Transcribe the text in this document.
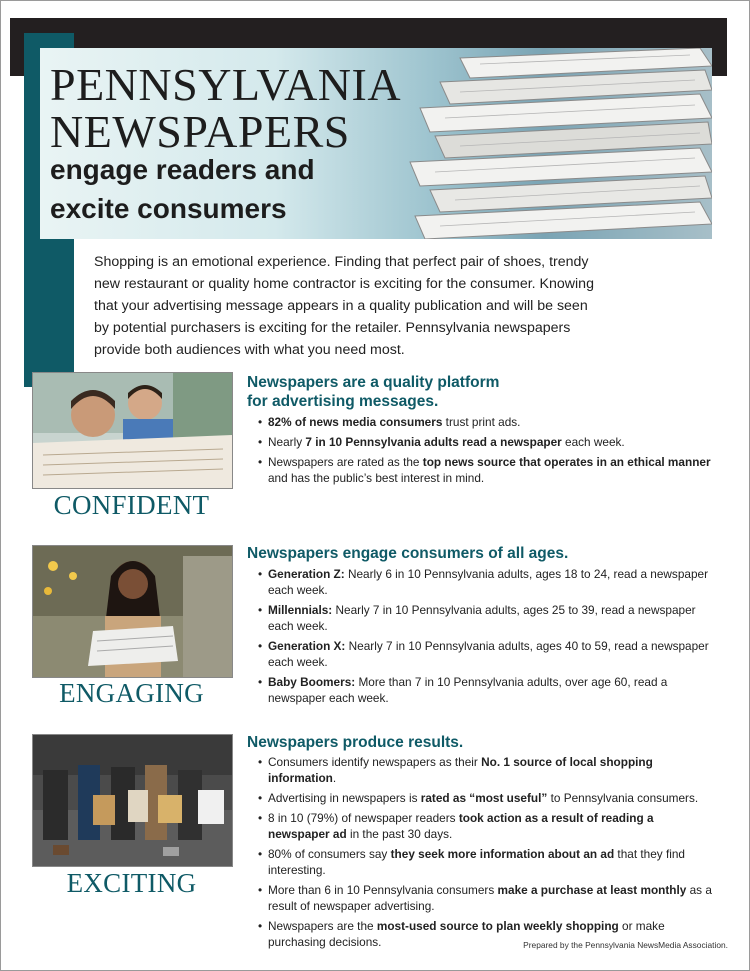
PENNSYLVANIA
NEWSPAPERS
engage readers and
excite consumers

Shopping is an emotional experience. Finding that perfect pair of shoes, trendy new restaurant or quality home contractor is exciting for the consumer. Knowing that your advertising message appears in a quality publication and will be seen by potential purchasers is exciting for the retailer. Pennsylvania newspapers provide both audiences with what you need most.

CONFIDENT
Newspapers are a quality platform
for advertising messages.
• 82% of news media consumers trust print ads.
• Nearly 7 in 10 Pennsylvania adults read a newspaper each week.
• Newspapers are rated as the top news source that operates in an ethical manner and has the public’s best interest in mind.
ENGAGING
Newspapers engage consumers of all ages.
• Generation Z: Nearly 6 in 10 Pennsylvania adults, ages 18 to 24, read a newspaper each week.
• Millennials: Nearly 7 in 10 Pennsylvania adults, ages 25 to 39, read a newspaper each week.
• Generation X: Nearly 7 in 10 Pennsylvania adults, ages 40 to 59, read a newspaper each week.
• Baby Boomers: More than 7 in 10 Pennsylvania adults, over age 60, read a newspaper each week.
EXCITING
Newspapers produce results.
• Consumers identify newspapers as their No. 1 source of local shopping information.
• Advertising in newspapers is rated as “most useful” to Pennsylvania consumers.
• 8 in 10 (79%) of newspaper readers took action as a result of reading a newspaper ad in the past 30 days.
• 80% of consumers say they seek more information about an ad that they find interesting.
• More than 6 in 10 Pennsylvania consumers make a purchase at least monthly as a result of newspaper advertising.
• Newspapers are the most-used source to plan weekly shopping or make purchasing decisions.	Prepared by the Pennsylvania NewsMedia Association.
